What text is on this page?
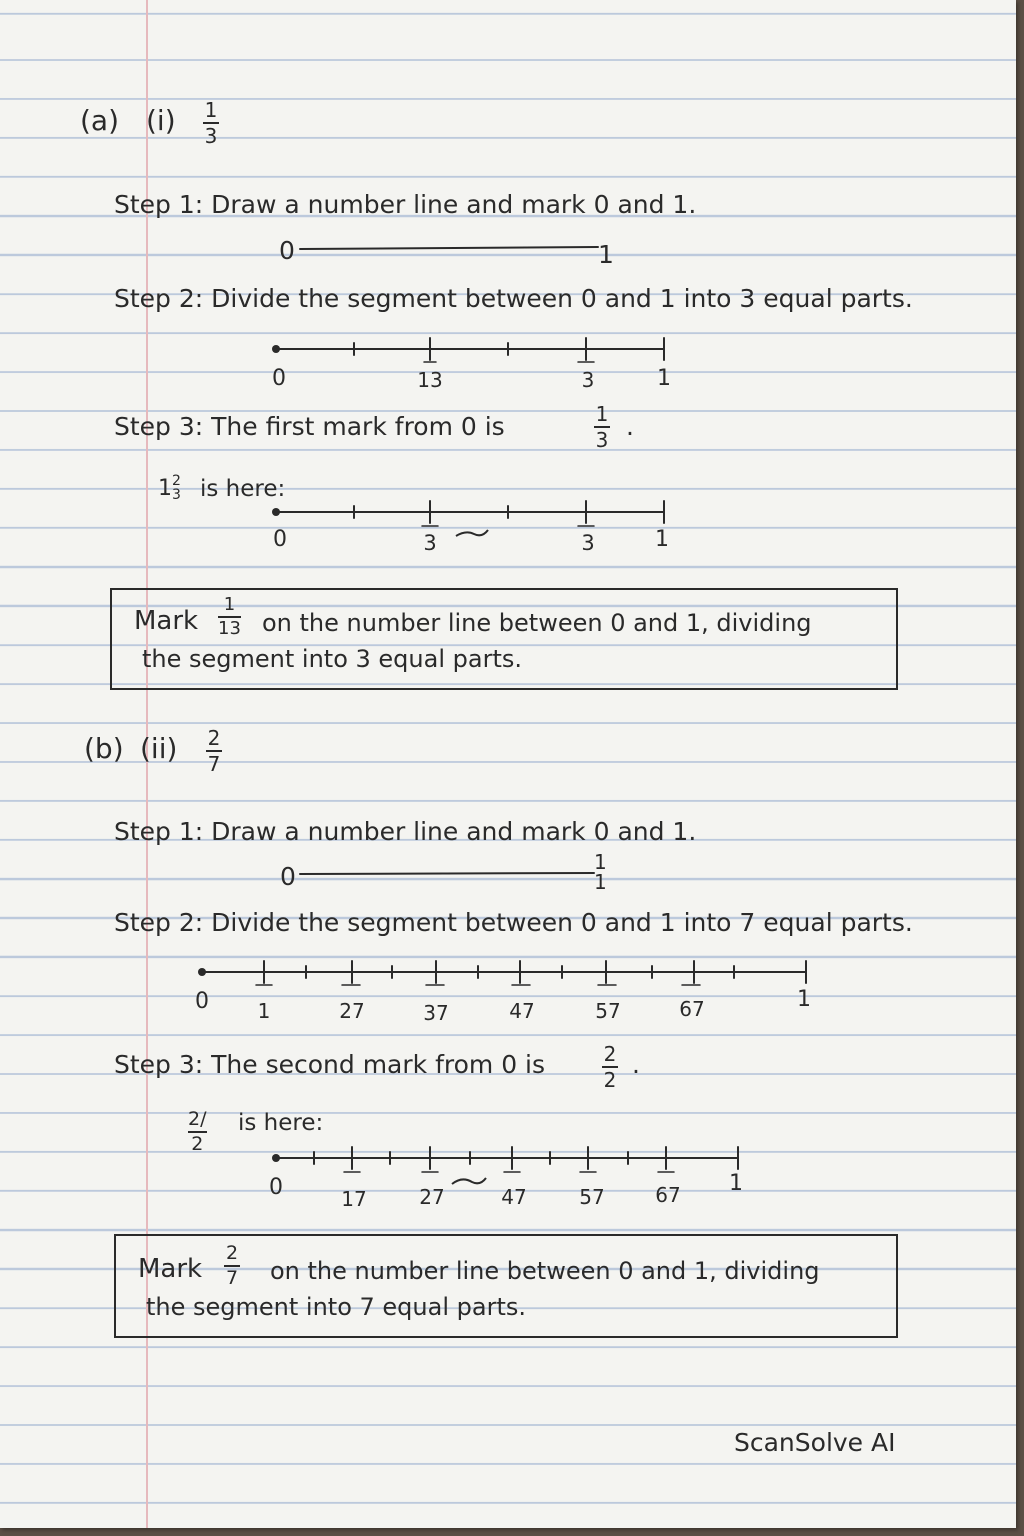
(a) (i) 1
3
Step 1: Draw a number line and mark 0 and 1.
0	1
Step 2: Divide the segment between 0 and 1 into 3 equal parts.
0	13	3	1
Step 3: The first mark from 0 is	1
3 .
1 2
3 is here:
0	3	3	1
Mark
1
13 on the number line between 0 and 1, dividing
the segment into 3 equal parts.
(b) (ii) 2
7
Step 1: Draw a number line and mark 0 and 1.
0	1
1
Step 2: Divide the segment between 0 and 1 into 7 equal parts.
0 1	27	37	47	57	67	1
Step 3: The second mark from 0 is	2
2
.
2/
2
is here:
0	17	27	47	57	67 1
Mark
2
7 on the number line between 0 and 1, dividing
the segment into 7 equal parts.
ScanSolve AI
